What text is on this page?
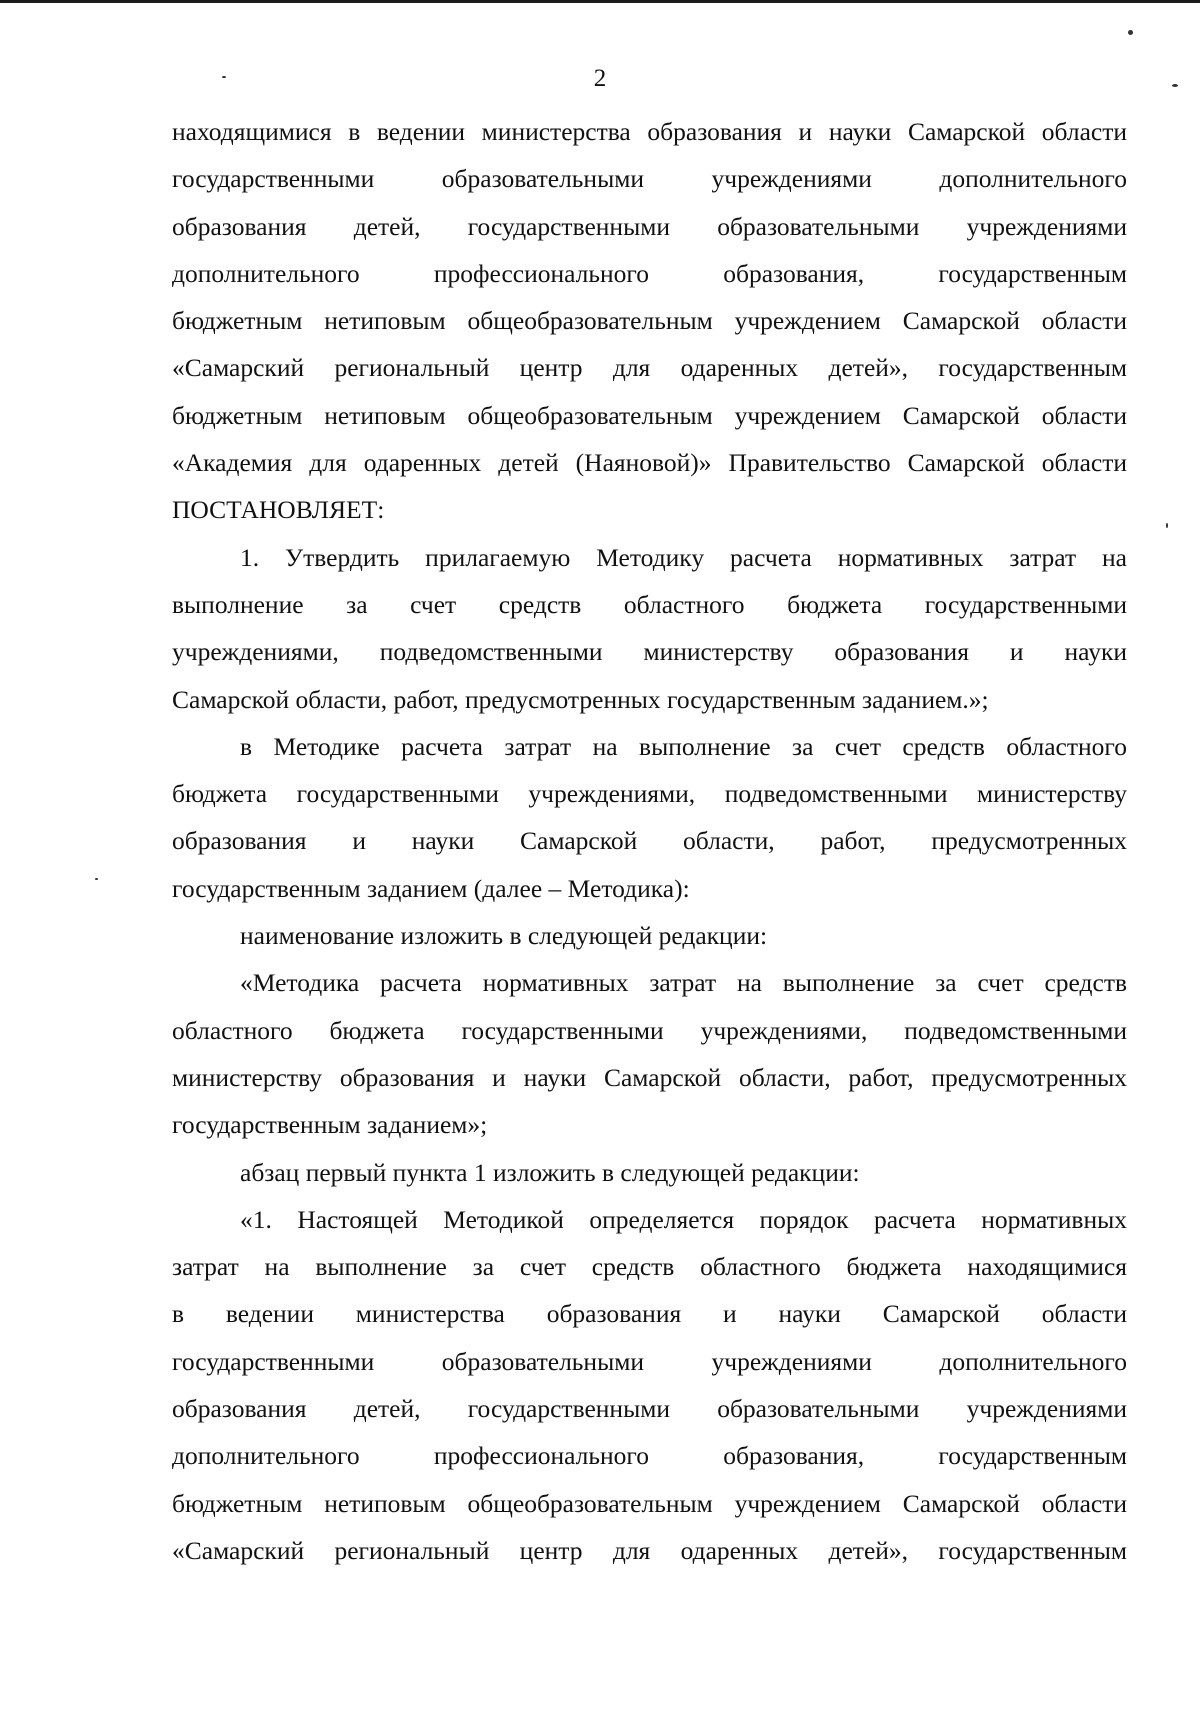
2
находящимися в ведении министерства образования и науки Самарской области
государственными образовательными учреждениями дополнительного
образования детей, государственными образовательными учреждениями
дополнительного профессионального образования, государственным
бюджетным нетиповым общеобразовательным учреждением Самарской области
«Самарский региональный центр для одаренных детей», государственным
бюджетным нетиповым общеобразовательным учреждением Самарской области
«Академия для одаренных детей (Наяновой)» Правительство Самарской области
ПОСТАНОВЛЯЕТ:
1. Утвердить прилагаемую Методику расчета нормативных затрат на
выполнение за счет средств областного бюджета государственными
учреждениями, подведомственными министерству образования и науки
Самарской области, работ, предусмотренных государственным заданием.»;
в Методике расчета затрат на выполнение за счет средств областного
бюджета государственными учреждениями, подведомственными министерству
образования и науки Самарской области, работ, предусмотренных
государственным заданием (далее – Методика):
наименование изложить в следующей редакции:
«Методика расчета нормативных затрат на выполнение за счет средств
областного бюджета государственными учреждениями, подведомственными
министерству образования и науки Самарской области, работ, предусмотренных
государственным заданием»;
абзац первый пункта 1 изложить в следующей редакции:
«1. Настоящей Методикой определяется порядок расчета нормативных
затрат на выполнение за счет средств областного бюджета находящимися
в ведении министерства образования и науки Самарской области
государственными образовательными учреждениями дополнительного
образования детей, государственными образовательными учреждениями
дополнительного профессионального образования, государственным
бюджетным нетиповым общеобразовательным учреждением Самарской области
«Самарский региональный центр для одаренных детей», государственным
